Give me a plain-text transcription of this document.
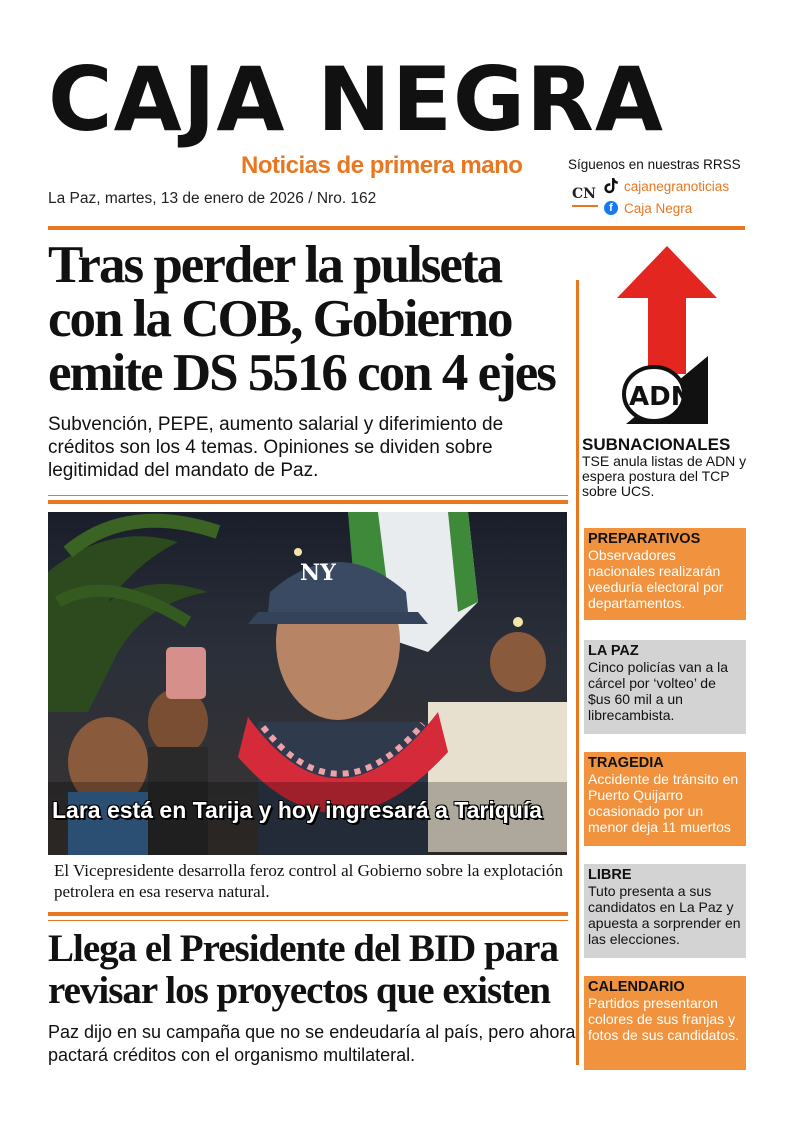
CAJA NEGRA
Noticias de primera mano
La Paz, martes, 13 de enero de 2026 / Nro. 162
Síguenos en nuestras RRSS
CN cajanegranoticias
f Caja Negra
Tras perder la pulseta con la COB, Gobierno emite DS 5516 con 4 ejes

Subvención, PEPE, aumento salarial y diferimiento de créditos son los 4 temas. Opiniones se dividen sobre legitimidad del mandato de Paz.

NY
Lara está en Tarija y hoy ingresará a Tariquía
El Vicepresidente desarrolla feroz control al Gobierno sobre la explotación petrolera en esa reserva natural.
Llega el Presidente del BID para revisar los proyectos que existen

Paz dijo en su campaña que no se endeudaría al país, pero ahora pactará créditos con el organismo multilateral.

ADN
SUBNACIONALES
TSE anula listas de ADN y espera postura del TCP sobre UCS.
PREPARATIVOS
Observadores nacionales realizarán veeduría electoral por departamentos.
LA PAZ
Cinco policías van a la cárcel por ‘volteo’ de $us 60 mil a un librecambista.
TRAGEDIA
Accidente de tránsito en Puerto Quijarro ocasionado por un menor deja 11 muertos
LIBRE
Tuto presenta a sus candidatos en La Paz y apuesta a sorprender en las elecciones.
CALENDARIO
Partidos presentaron colores de sus franjas y fotos de sus candidatos.
